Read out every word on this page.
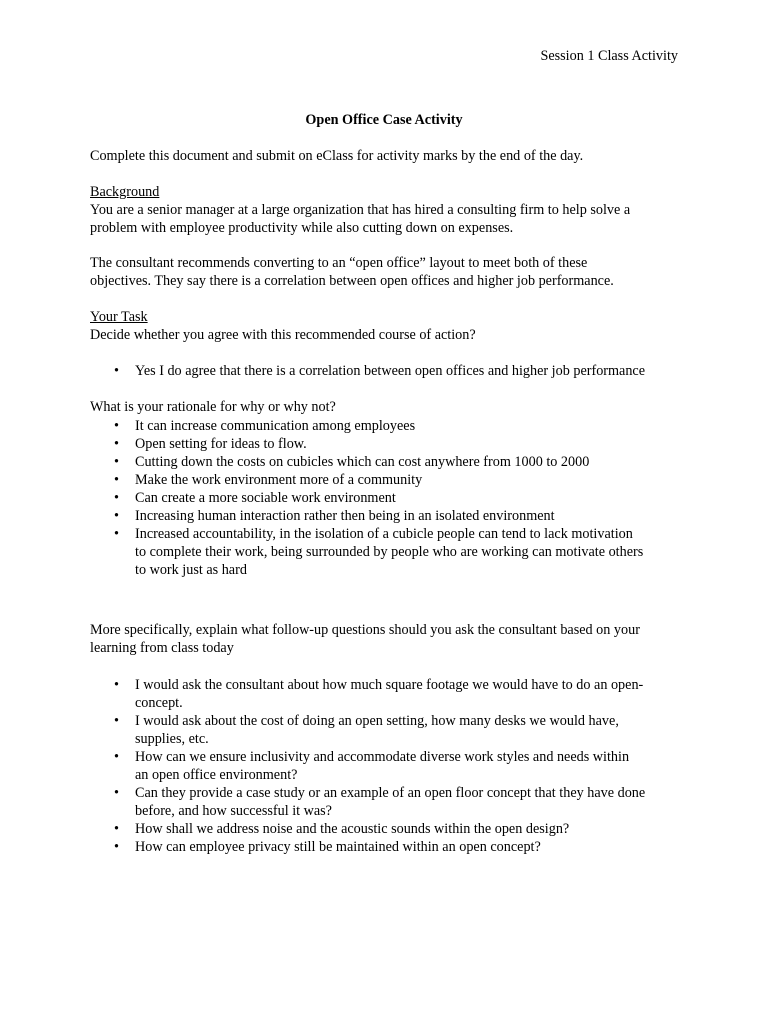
Session 1 Class Activity
Open Office Case Activity
Complete this document and submit on eClass for activity marks by the end of the day.
Background
You are a senior manager at a large organization that has hired a consulting firm to help solve a
problem with employee productivity while also cutting down on expenses.
The consultant recommends converting to an “open office” layout to meet both of these
objectives. They say there is a correlation between open offices and higher job performance.
Your Task
Decide whether you agree with this recommended course of action?
• Yes I do agree that there is a correlation between open offices and higher job performance
What is your rationale for why or why not?
• It can increase communication among employees
• Open setting for ideas to flow.
• Cutting down the costs on cubicles which can cost anywhere from 1000 to 2000
• Make the work environment more of a community
• Can create a more sociable work environment
• Increasing human interaction rather then being in an isolated environment
• Increased accountability, in the isolation of a cubicle people can tend to lack motivation
to complete their work, being surrounded by people who are working can motivate others
to work just as hard
More specifically, explain what follow-up questions should you ask the consultant based on your
learning from class today
• I would ask the consultant about how much square footage we would have to do an open-
concept.
• I would ask about the cost of doing an open setting, how many desks we would have,
supplies, etc.
• How can we ensure inclusivity and accommodate diverse work styles and needs within
an open office environment?
• Can they provide a case study or an example of an open floor concept that they have done
before, and how successful it was?
• How shall we address noise and the acoustic sounds within the open design?
• How can employee privacy still be maintained within an open concept?
